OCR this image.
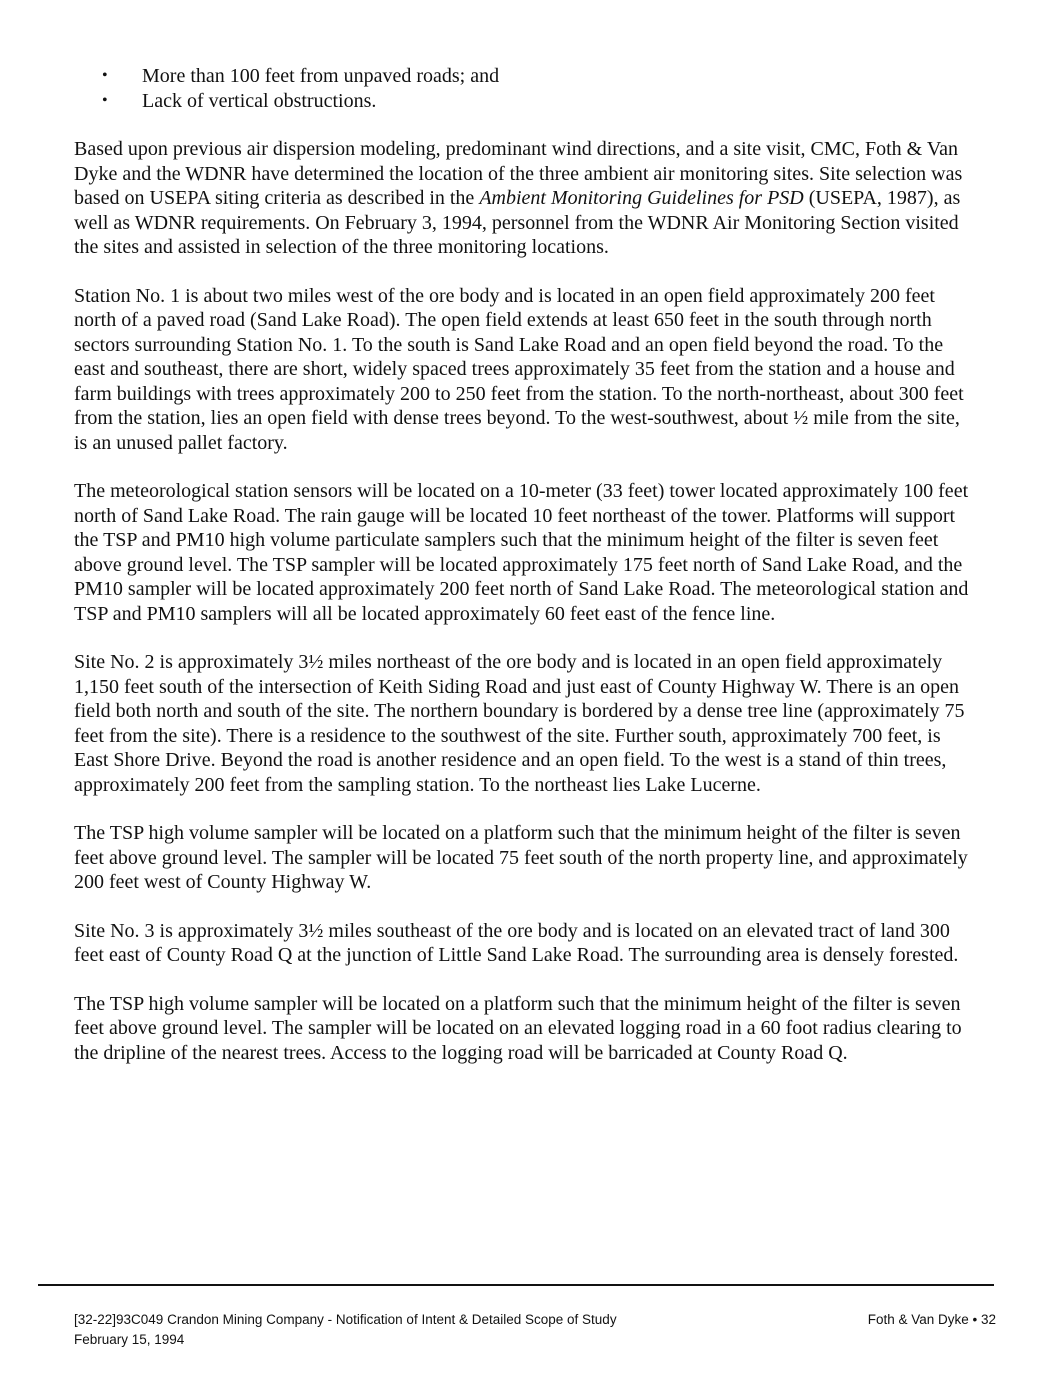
• More than 100 feet from unpaved roads; and
• Lack of vertical obstructions.

Based upon previous air dispersion modeling, predominant wind directions, and a site visit, CMC, Foth & Van Dyke and the WDNR have determined the location of the three ambient air monitoring sites. Site selection was based on USEPA siting criteria as described in the Ambient Monitoring Guidelines for PSD (USEPA, 1987), as well as WDNR requirements. On February 3, 1994, personnel from the WDNR Air Monitoring Section visited the sites and assisted in selection of the three monitoring locations.

Station No. 1 is about two miles west of the ore body and is located in an open field approximately 200 feet north of a paved road (Sand Lake Road). The open field extends at least 650 feet in the south through north sectors surrounding Station No. 1. To the south is Sand Lake Road and an open field beyond the road. To the east and southeast, there are short, widely spaced trees approximately 35 feet from the station and a house and farm buildings with trees approximately 200 to 250 feet from the station. To the north-northeast, about 300 feet from the station, lies an open field with dense trees beyond. To the west-southwest, about ½ mile from the site, is an unused pallet factory.

The meteorological station sensors will be located on a 10-meter (33 feet) tower located approximately 100 feet north of Sand Lake Road. The rain gauge will be located 10 feet northeast of the tower. Platforms will support the TSP and PM10 high volume particulate samplers such that the minimum height of the filter is seven feet above ground level. The TSP sampler will be located approximately 175 feet north of Sand Lake Road, and the PM10 sampler will be located approximately 200 feet north of Sand Lake Road. The meteorological station and TSP and PM10 samplers will all be located approximately 60 feet east of the fence line.

Site No. 2 is approximately 3½ miles northeast of the ore body and is located in an open field approximately 1,150 feet south of the intersection of Keith Siding Road and just east of County Highway W. There is an open field both north and south of the site. The northern boundary is bordered by a dense tree line (approximately 75 feet from the site). There is a residence to the southwest of the site. Further south, approximately 700 feet, is East Shore Drive. Beyond the road is another residence and an open field. To the west is a stand of thin trees, approximately 200 feet from the sampling station. To the northeast lies Lake Lucerne.

The TSP high volume sampler will be located on a platform such that the minimum height of the filter is seven feet above ground level. The sampler will be located 75 feet south of the north property line, and approximately 200 feet west of County Highway W.

Site No. 3 is approximately 3½ miles southeast of the ore body and is located on an elevated tract of land 300 feet east of County Road Q at the junction of Little Sand Lake Road. The surrounding area is densely forested.

The TSP high volume sampler will be located on a platform such that the minimum height of the filter is seven feet above ground level. The sampler will be located on an elevated logging road in a 60 foot radius clearing to the dripline of the nearest trees. Access to the logging road will be barricaded at County Road Q.

[32-22]93C049 Crandon Mining Company - Notification of Intent & Detailed Scope of Study
February 15, 1994
Foth & Van Dyke • 32
